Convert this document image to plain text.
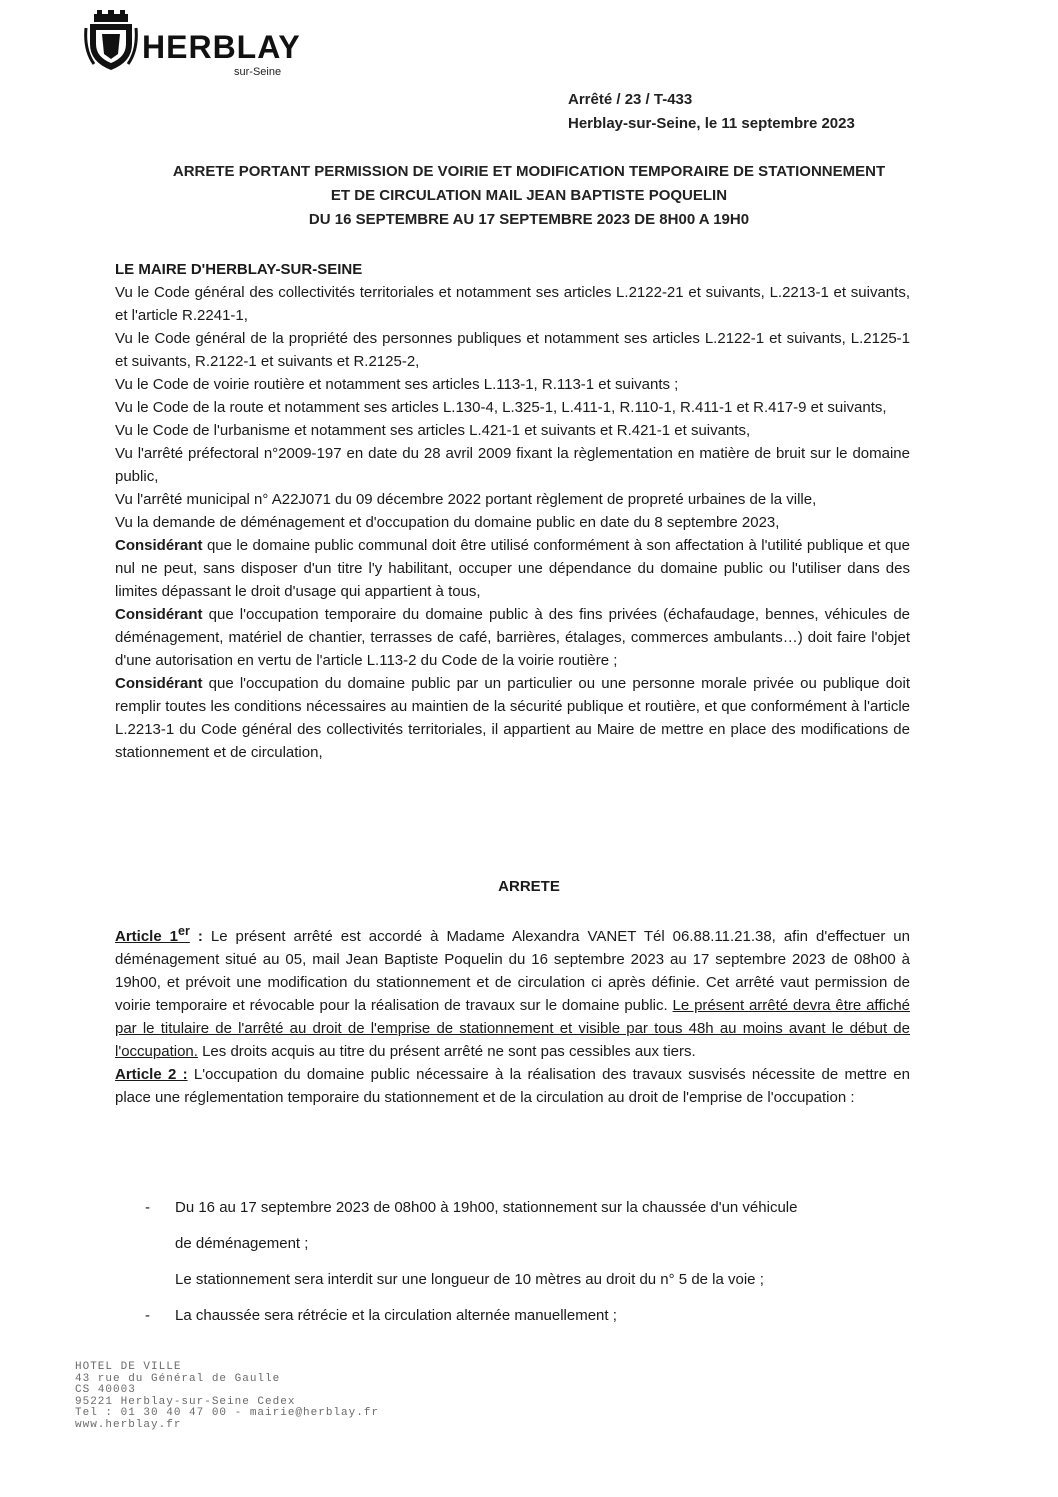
HERBLAY
sur-Seine
Arrêté / 23 / T-433
Herblay-sur-Seine, le 11 septembre 2023
ARRETE PORTANT PERMISSION DE VOIRIE ET MODIFICATION TEMPORAIRE DE STATIONNEMENT
ET DE CIRCULATION MAIL JEAN BAPTISTE POQUELIN
DU 16 SEPTEMBRE AU 17 SEPTEMBRE 2023 DE 8H00 A 19H0

LE MAIRE D'HERBLAY-SUR-SEINE

Vu le Code général des collectivités territoriales et notamment ses articles L.2122-21 et suivants, L.2213-1 et suivants, et l'article R.2241-1,

Vu le Code général de la propriété des personnes publiques et notamment ses articles L.2122-1 et suivants, L.2125-1 et suivants, R.2122-1 et suivants et R.2125-2,

Vu le Code de voirie routière et notamment ses articles L.113-1, R.113-1 et suivants ;

Vu le Code de la route et notamment ses articles L.130-4, L.325-1, L.411-1, R.110-1, R.411-1 et R.417-9 et suivants,

Vu le Code de l'urbanisme et notamment ses articles L.421-1 et suivants et R.421-1 et suivants,

Vu l'arrêté préfectoral n°2009-197 en date du 28 avril 2009 fixant la règlementation en matière de bruit sur le domaine public,

Vu l'arrêté municipal n° A22J071 du 09 décembre 2022 portant règlement de propreté urbaines de la ville,

Vu la demande de déménagement et d'occupation du domaine public en date du 8 septembre 2023,

Considérant que le domaine public communal doit être utilisé conformément à son affectation à l'utilité publique et que nul ne peut, sans disposer d'un titre l'y habilitant, occuper une dépendance du domaine public ou l'utiliser dans des limites dépassant le droit d'usage qui appartient à tous,

Considérant que l'occupation temporaire du domaine public à des fins privées (échafaudage, bennes, véhicules de déménagement, matériel de chantier, terrasses de café, barrières, étalages, commerces ambulants…) doit faire l'objet d'une autorisation en vertu de l'article L.113-2 du Code de la voirie routière ;

Considérant que l'occupation du domaine public par un particulier ou une personne morale privée ou publique doit remplir toutes les conditions nécessaires au maintien de la sécurité publique et routière, et que conformément à l'article L.2213-1 du Code général des collectivités territoriales, il appartient au Maire de mettre en place des modifications de stationnement et de circulation,

ARRETE

Article 1er : Le présent arrêté est accordé à Madame Alexandra VANET Tél 06.88.11.21.38, afin d'effectuer un déménagement situé au 05, mail Jean Baptiste Poquelin du 16 septembre 2023 au 17 septembre 2023 de 08h00 à 19h00, et prévoit une modification du stationnement et de circulation ci après définie. Cet arrêté vaut permission de voirie temporaire et révocable pour la réalisation de travaux sur le domaine public. Le présent arrêté devra être affiché par le titulaire de l'arrêté au droit de l'emprise de stationnement et visible par tous 48h au moins avant le début de l'occupation. Les droits acquis au titre du présent arrêté ne sont pas cessibles aux tiers.

Article 2 : L'occupation du domaine public nécessaire à la réalisation des travaux susvisés nécessite de mettre en place une réglementation temporaire du stationnement et de la circulation au droit de l'emprise de l'occupation :

- Du 16 au 17 septembre 2023 de 08h00 à 19h00, stationnement sur la chaussée d'un véhicule
de déménagement ;
Le stationnement sera interdit sur une longueur de 10 mètres au droit du n° 5 de la voie ;
- La chaussée sera rétrécie et la circulation alternée manuellement ;
HOTEL DE VILLE
43 rue du Général de Gaulle
CS 40003
95221 Herblay-sur-Seine Cedex
Tel : 01 30 40 47 00 - mairie@herblay.fr
www.herblay.fr
